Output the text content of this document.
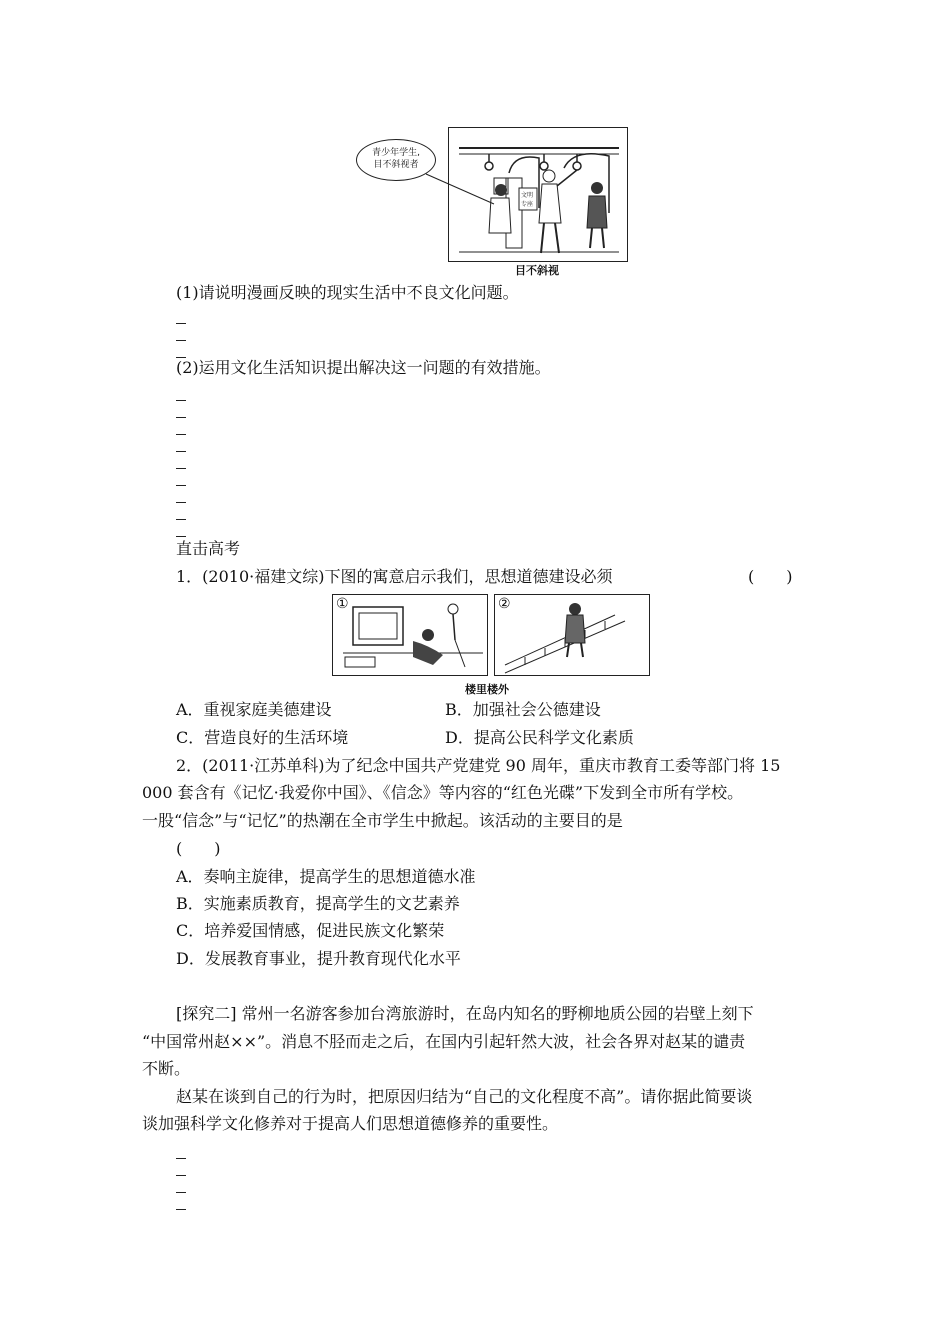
文明
专座
青少年学生,
目不斜视者
目不斜视
(1)请说明漫画反映的现实生活中不良文化问题。
(2)运用文化生活知识提出解决这一问题的有效措施。
直击高考
1．(2010·福建文综)下图的寓意启示我们，思想道德建设必须	(　　)
①	②
楼里楼外
A．重视家庭美德建设	B．加强社会公德建设
C．营造良好的生活环境	D．提高公民科学文化素质
2．(2011·江苏单科)为了纪念中国共产党建党 90 周年，重庆市教育工委等部门将 15
000 套含有《记忆·我爱你中国》、《信念》等内容的“红色光碟”下发到全市所有学校。
一股“信念”与“记忆”的热潮在全市学生中掀起。该活动的主要目的是
(　　)
A．奏响主旋律，提高学生的思想道德水准
B．实施素质教育，提高学生的文艺素养
C．培养爱国情感，促进民族文化繁荣
D．发展教育事业，提升教育现代化水平
[探究二] 常州一名游客参加台湾旅游时，在岛内知名的野柳地质公园的岩壁上刻下
“中国常州赵××”。消息不胫而走之后，在国内引起轩然大波，社会各界对赵某的谴责
不断。
赵某在谈到自己的行为时，把原因归结为“自己的文化程度不高”。请你据此简要谈
谈加强科学文化修养对于提高人们思想道德修养的重要性。
